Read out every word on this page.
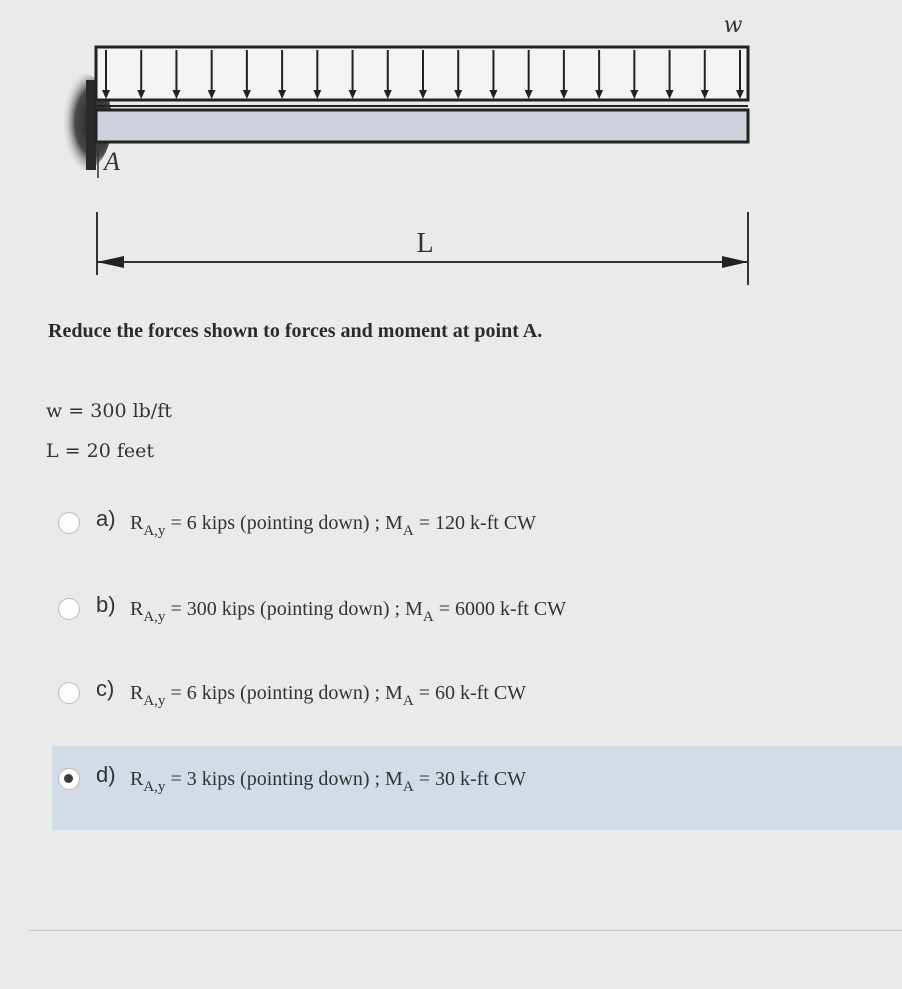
w
A
L
Reduce the forces shown to forces and moment at point A.
w = 300 lb/ft
L = 20 feet
a) $R_{A,y} = 6$ kips (pointing down) ; $M_A = 120$ k-ft CW
b) $R_{A,y} = 300$ kips (pointing down) ; $M_A = 6000$ k-ft CW
c) $R_{A,y} = 6$ kips (pointing down) ; $M_A = 60$ k-ft CW
d) $R_{A,y} = 3$ kips (pointing down) ; $M_A = 30$ k-ft CW
